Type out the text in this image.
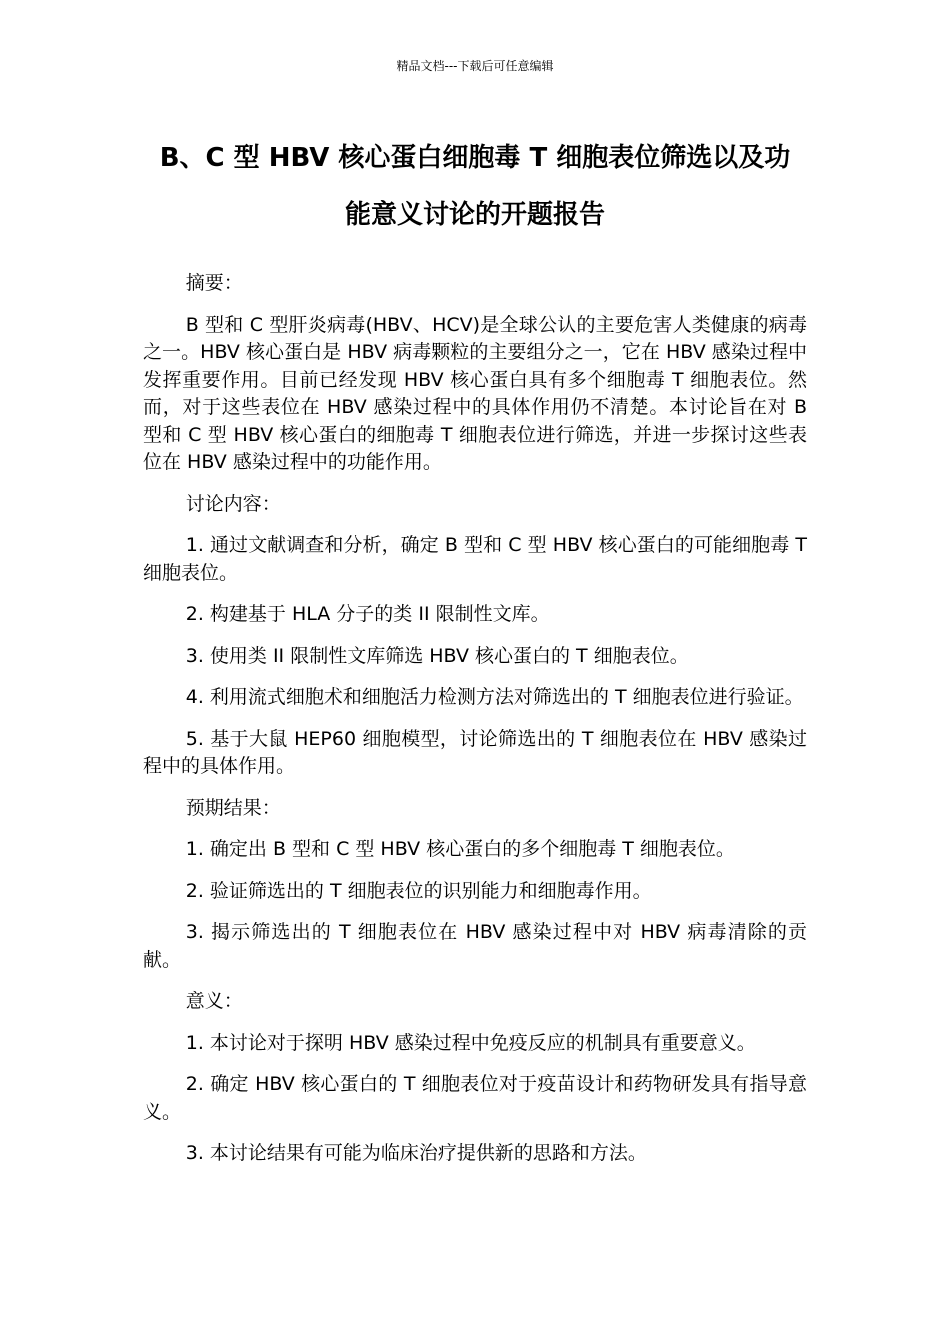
精品文档---下载后可任意编辑
B、C 型 HBV 核心蛋白细胞毒 T 细胞表位筛选以及功
能意义讨论的开题报告

摘要：

B 型和 C 型肝炎病毒(HBV、HCV)是全球公认的主要危害人类健康的病毒之一。HBV 核心蛋白是 HBV 病毒颗粒的主要组分之一，它在 HBV 感染过程中发挥重要作用。目前已经发现 HBV 核心蛋白具有多个细胞毒 T 细胞表位。然而，对于这些表位在 HBV 感染过程中的具体作用仍不清楚。本讨论旨在对 B 型和 C 型 HBV 核心蛋白的细胞毒 T 细胞表位进行筛选，并进一步探讨这些表位在 HBV 感染过程中的功能作用。

讨论内容：

1. 通过文献调查和分析，确定 B 型和 C 型 HBV 核心蛋白的可能细胞毒 T 细胞表位。

2. 构建基于 HLA 分子的类 II 限制性文库。

3. 使用类 II 限制性文库筛选 HBV 核心蛋白的 T 细胞表位。

4. 利用流式细胞术和细胞活力检测方法对筛选出的 T 细胞表位进行验证。

5. 基于大鼠 HEP60 细胞模型，讨论筛选出的 T 细胞表位在 HBV 感染过程中的具体作用。

预期结果：

1. 确定出 B 型和 C 型 HBV 核心蛋白的多个细胞毒 T 细胞表位。

2. 验证筛选出的 T 细胞表位的识别能力和细胞毒作用。

3. 揭示筛选出的 T 细胞表位在 HBV 感染过程中对 HBV 病毒清除的贡献。

意义：

1. 本讨论对于探明 HBV 感染过程中免疫反应的机制具有重要意义。

2. 确定 HBV 核心蛋白的 T 细胞表位对于疫苗设计和药物研发具有指导意义。

3. 本讨论结果有可能为临床治疗提供新的思路和方法。
